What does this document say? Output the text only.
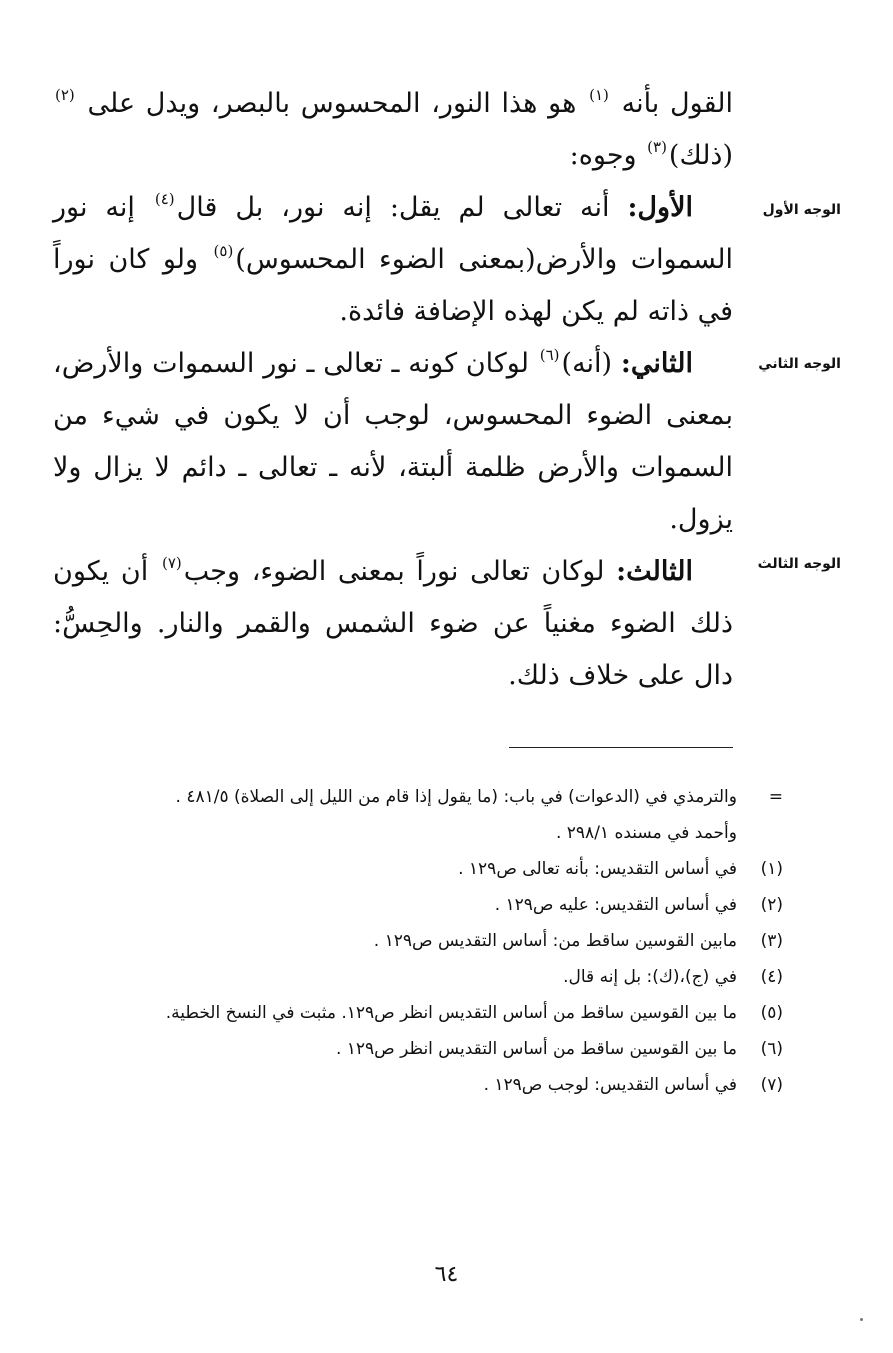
القول بأنه $^{(١)}$ هو هذا النور، المحسوس بالبصر، ويدل على $^{(٢)}$ (ذلك)$^{(٣)}$ وجوه:

الأول: أنه تعالى لم يقل: إنه نور، بل قال$^{(٤)}$ إنه نور السموات والأرض(بمعنى الضوء المحسوس)$^{(٥)}$ ولو كان نوراً في ذاته لم يكن لهذه الإضافة فائدة.

الثاني: (أنه)$^{(٦)}$ لوكان كونه ـ تعالى ـ نور السموات والأرض، بمعنى الضوء المحسوس، لوجب أن لا يكون في شيء من السموات والأرض ظلمة ألبتة، لأنه ـ تعالى ـ دائم لا يزال ولا يزول.

الثالث: لوكان تعالى نوراً بمعنى الضوء، وجب$^{(٧)}$ أن يكون ذلك الضوء مغنياً عن ضوء الشمس والقمر والنار. والحِسُّ: دال على خلاف ذلك.

الوجه الأول
الوجه الثاني
الوجه الثالث
=
والترمذي في (الدعوات) في باب: (ما يقول إذا قام من الليل إلى الصلاة) ٤٨١/٥ .
وأحمد في مسنده ٢٩٨/١ .
(١)
في أساس التقديس: بأنه تعالى ص١٢٩ .
(٢)
في أساس التقديس: عليه ص١٢٩ .
(٣)
مابين القوسين ساقط من: أساس التقديس ص١٢٩ .
(٤)
في (ج)،(ك): بل إنه قال.
(٥)
ما بين القوسين ساقط من أساس التقديس انظر ص١٢٩. مثبت في النسخ الخطية.
(٦)
ما بين القوسين ساقط من أساس التقديس انظر ص١٢٩ .
(٧)
في أساس التقديس: لوجب ص١٢٩ .
٦٤
